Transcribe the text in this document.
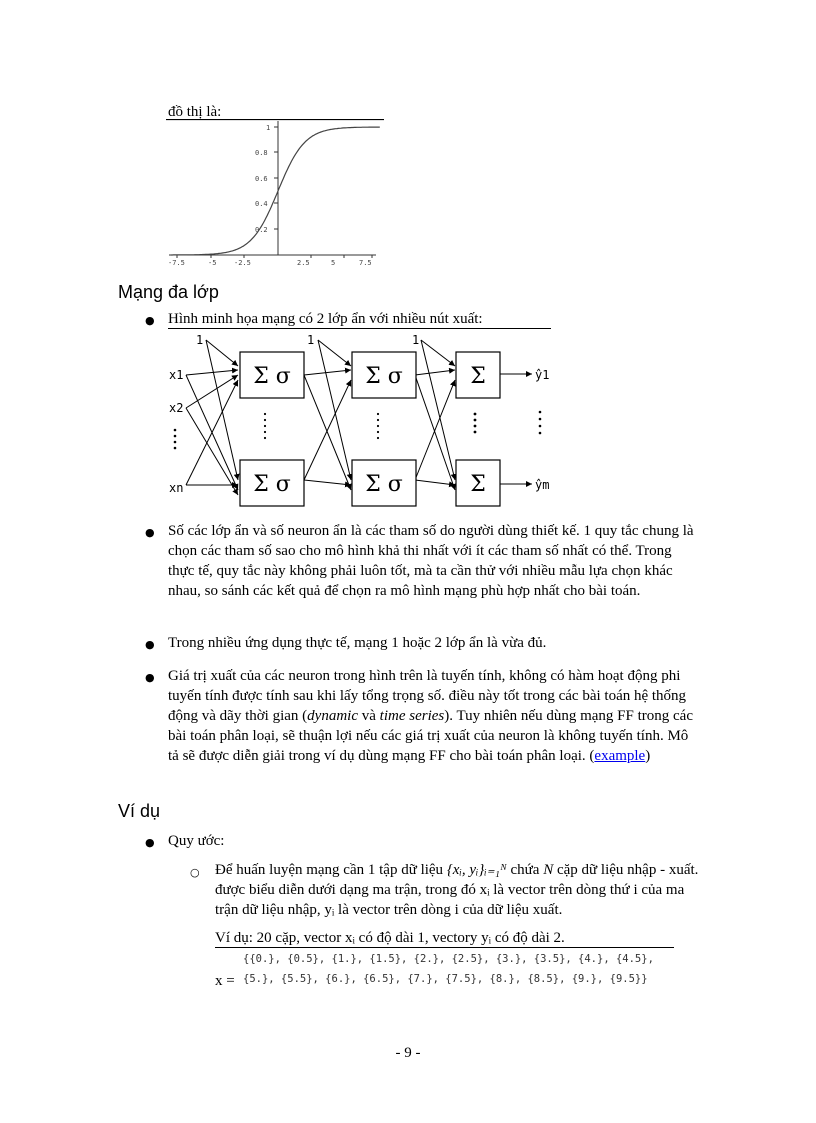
đồ thị là:
1
0.8
0.6
0.4
0.2
-7.5	-5	-2.5	2.5	5	7.5
Mạng đa lớp
● Hình minh họa mạng có 2 lớp ẩn với nhiều nút xuất:
Σ σ
Σ σ
Σ σ
Σ σ
Σ
Σ
1	1	1
x1
x2
xn
ŷ1
ŷm
● Số các lớp ẩn và số neuron ẩn là các tham số do người dùng thiết kế. 1 quy tắc chung là chọn các tham số sao cho mô hình khả thi nhất với ít các tham số nhất có thể. Trong thực tế, quy tắc này không phải luôn tốt, mà ta cần thử với nhiều mẫu lựa chọn khác nhau, so sánh các kết quả để chọn ra mô hình mạng phù hợp nhất cho bài toán.
● Trong nhiều ứng dụng thực tế, mạng 1 hoặc 2 lớp ẩn là vừa đủ.
● Giá trị xuất của các neuron trong hình trên là tuyến tính, không có hàm hoạt động phi tuyến tính được tính sau khi lấy tổng trọng số. điều này tốt trong các bài toán hệ thống động và dãy thời gian (dynamic và time series). Tuy nhiên nếu dùng mạng FF trong các bài toán phân loại, sẽ thuận lợi nếu các giá trị xuất của neuron là không tuyến tính. Mô tả sẽ được diễn giải trong ví dụ dùng mạng FF cho bài toán phân loại. (example)
Ví dụ
● Quy ước:
○ Để huấn luyện mạng cần 1 tập dữ liệu {xᵢ, yᵢ}ᵢ₌₁ᴺ chứa N cặp dữ liệu nhập - xuất. được biểu diễn dưới dạng ma trận, trong đó xᵢ là vector trên dòng thứ i của ma trận dữ liệu nhập, yᵢ là vector trên dòng i của dữ liệu xuất.
Ví dụ: 20 cặp, vector xᵢ có độ dài 1, vectory yᵢ có độ dài 2.
{{0.}, {0.5}, {1.}, {1.5}, {2.}, {2.5}, {3.}, {3.5}, {4.}, {4.5},
x = {5.}, {5.5}, {6.}, {6.5}, {7.}, {7.5}, {8.}, {8.5}, {9.}, {9.5}}
- 9 -
